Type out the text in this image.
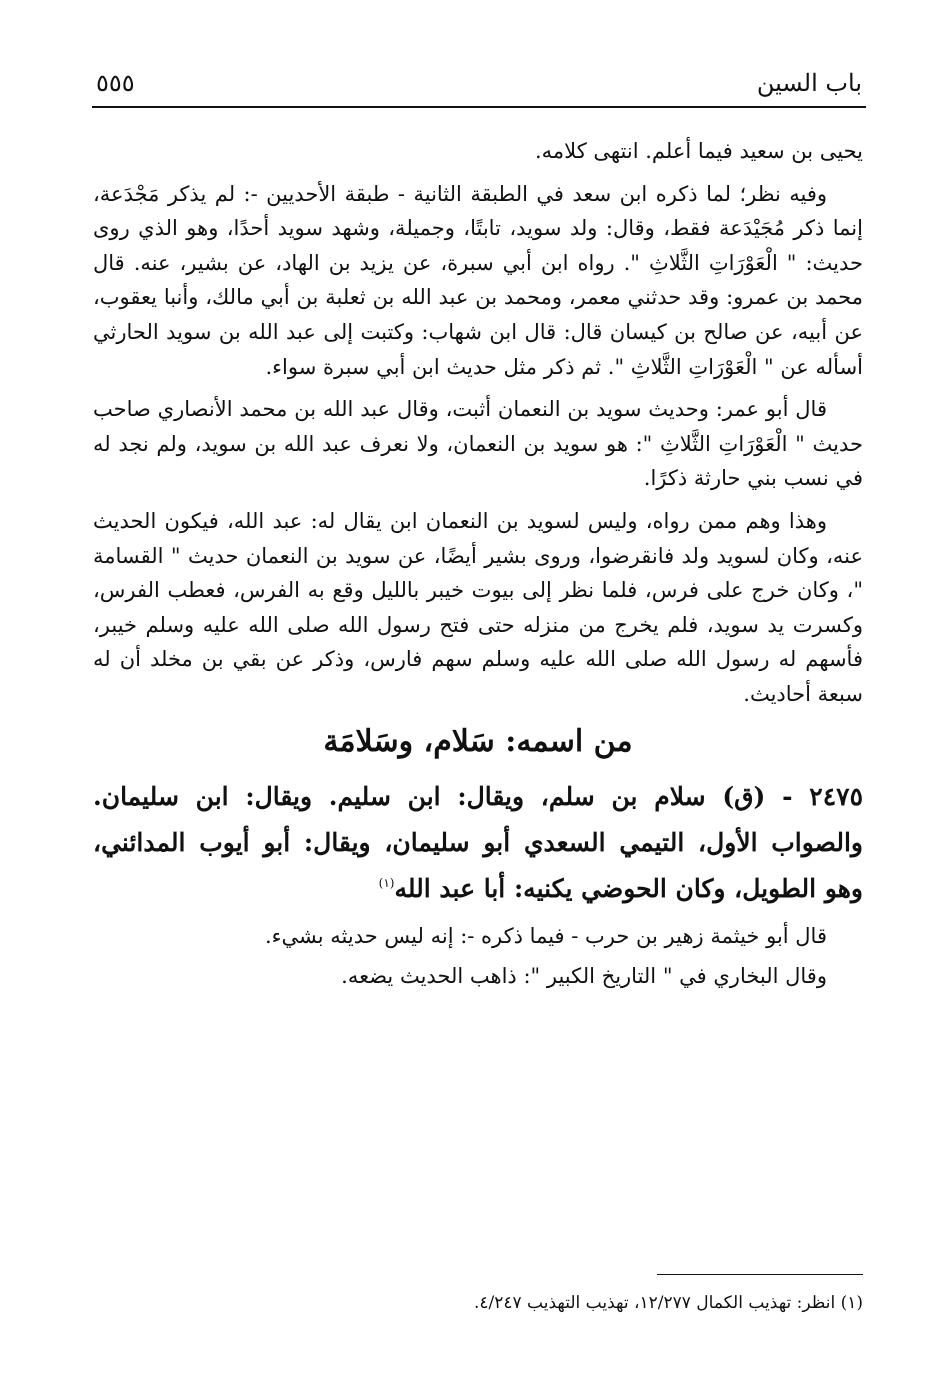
باب السين
٥٥٥

يحيى بن سعيد فيما أعلم. انتهى كلامه.

وفيه نظر؛ لما ذكره ابن سعد في الطبقة الثانية - طبقة الأحديين -: لم يذكر مَجْدَعة، إنما ذكر مُجَيْدَعة فقط، وقال: ولد سويد، تابتًا، وجميلة، وشهد سويد أحدًا، وهو الذي روى حديث: " الْعَوْرَاتِ الثَّلاثِ ". رواه ابن أبي سبرة، عن يزيد بن الهاد، عن بشير، عنه. قال محمد بن عمرو: وقد حدثني معمر، ومحمد بن عبد الله بن ثعلبة بن أبي مالك، وأنبا يعقوب، عن أبيه، عن صالح بن كيسان قال: قال ابن شهاب: وكتبت إلى عبد الله بن سويد الحارثي أسأله عن " الْعَوْرَاتِ الثَّلاثِ ". ثم ذكر مثل حديث ابن أبي سبرة سواء.

قال أبو عمر: وحديث سويد بن النعمان أثبت، وقال عبد الله بن محمد الأنصاري صاحب حديث " الْعَوْرَاتِ الثَّلاثِ ": هو سويد بن النعمان، ولا نعرف عبد الله بن سويد، ولم نجد له في نسب بني حارثة ذكرًا.

وهذا وهم ممن رواه، وليس لسويد بن النعمان ابن يقال له: عبد الله، فيكون الحديث عنه، وكان لسويد ولد فانقرضوا، وروى بشير أيضًا، عن سويد بن النعمان حديث " القسامة "، وكان خرج على فرس، فلما نظر إلى بيوت خيبر بالليل وقع به الفرس، فعطب الفرس، وكسرت يد سويد، فلم يخرج من منزله حتى فتح رسول الله صلى الله عليه وسلم خيبر، فأسهم له رسول الله صلى الله عليه وسلم سهم فارس، وذكر عن بقي بن مخلد أن له سبعة أحاديث.

من اسمه: سَلام، وسَلامَة

٢٤٧٥ - (ق) سلام بن سلم، ويقال: ابن سليم. ويقال: ابن سليمان. والصواب الأول، التيمي السعدي أبو سليمان، ويقال: أبو أيوب المدائني، وهو الطويل، وكان الحوضي يكنيه: أبا عبد الله$^{(١)}$

قال أبو خيثمة زهير بن حرب - فيما ذكره -: إنه ليس حديثه بشيء.

وقال البخاري في " التاريخ الكبير ": ذاهب الحديث يضعه.

(١) انظر: تهذيب الكمال ١٢/٢٧٧، تهذيب التهذيب ٤/٢٤٧.
